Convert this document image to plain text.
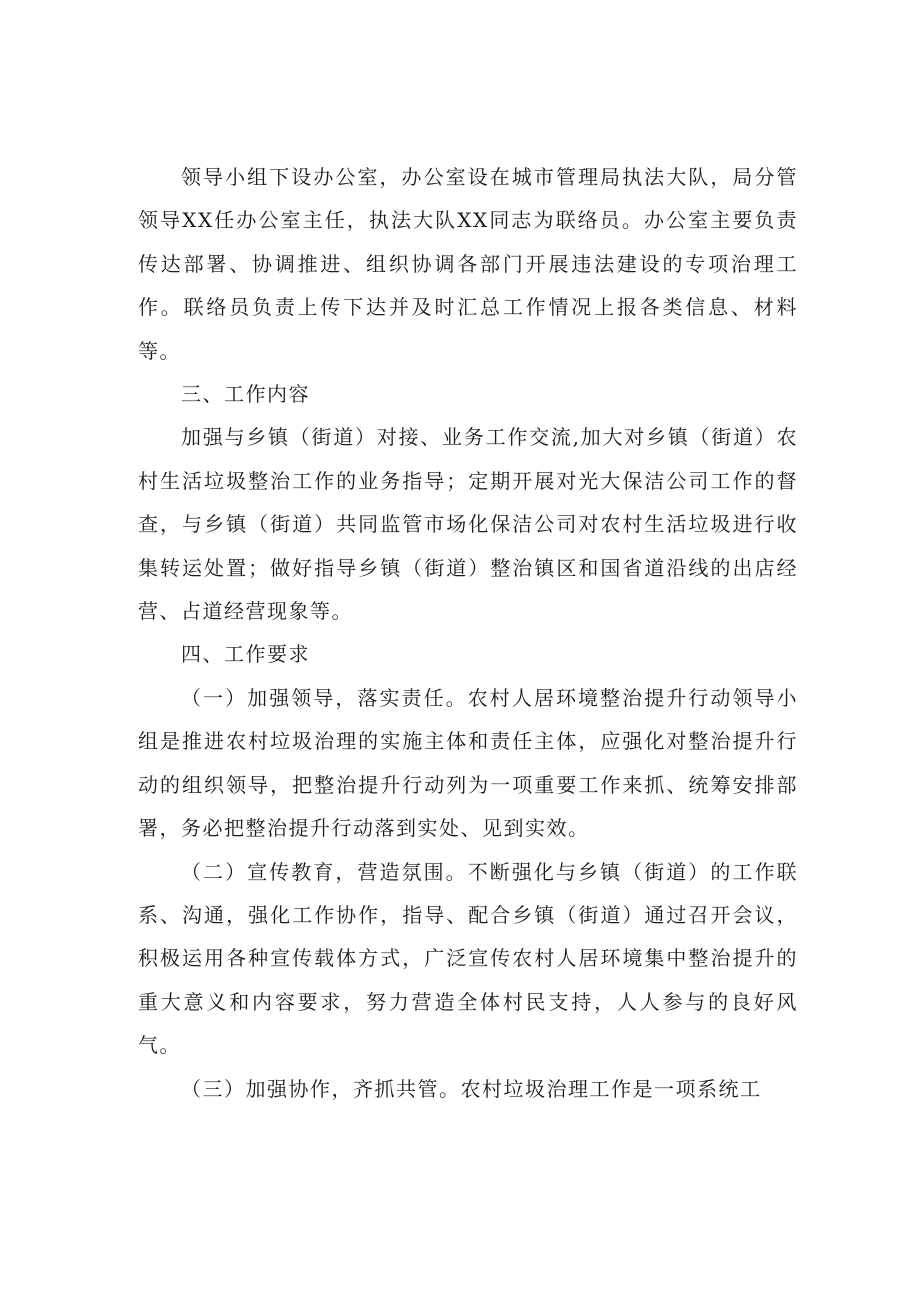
领导小组下设办公室，办公室设在城市管理局执法大队，局分管领导XX任办公室主任，执法大队XX同志为联络员。办公室主要负责传达部署、协调推进、组织协调各部门开展违法建设的专项治理工作。联络员负责上传下达并及时汇总工作情况上报各类信息、材料等。

三、工作内容

加强与乡镇（街道）对接、业务工作交流,加大对乡镇（街道）农村生活垃圾整治工作的业务指导；定期开展对光大保洁公司工作的督查，与乡镇（街道）共同监管市场化保洁公司对农村生活垃圾进行收集转运处置；做好指导乡镇（街道）整治镇区和国省道沿线的出店经营、占道经营现象等。

四、工作要求

（一）加强领导，落实责任。农村人居环境整治提升行动领导小组是推进农村垃圾治理的实施主体和责任主体，应强化对整治提升行动的组织领导，把整治提升行动列为一项重要工作来抓、统筹安排部署，务必把整治提升行动落到实处、见到实效。

（二）宣传教育，营造氛围。不断强化与乡镇（街道）的工作联系、沟通，强化工作协作，指导、配合乡镇（街道）通过召开会议，积极运用各种宣传载体方式，广泛宣传农村人居环境集中整治提升的重大意义和内容要求，努力营造全体村民支持，人人参与的良好风气。

（三）加强协作，齐抓共管。农村垃圾治理工作是一项系统工
